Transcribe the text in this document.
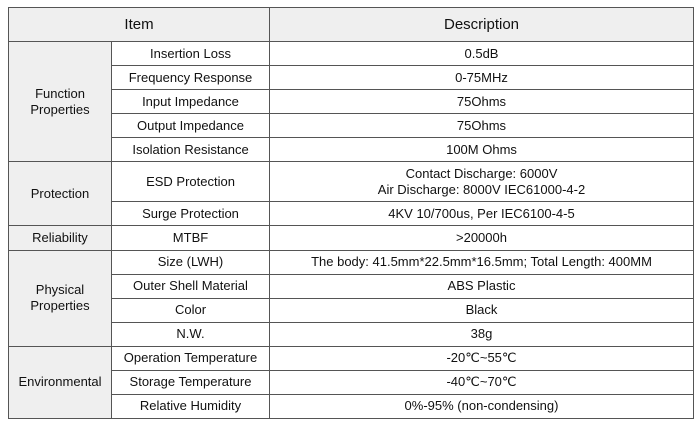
Item		Description

Function
Properties	Insertion Loss	0.5dB

	Frequency Response	0-75MHz

	Input Impedance	75Ohms

	Output Impedance	75Ohms

	Isolation Resistance	100M Ohms

Protection	ESD Protection	Contact Discharge: 6000V
Air Discharge: 8000V IEC61000-4-2

	Surge Protection	4KV 10/700us, Per IEC6100-4-5

Reliability	MTBF	>20000h

Physical
Properties	Size (LWH)	The body: 41.5mm*22.5mm*16.5mm; Total Length: 400MM

	Outer Shell Material	ABS Plastic

	Color	Black

	N.W.	38g

Environmental	Operation Temperature	-20℃~55℃

	Storage Temperature	-40℃~70℃

	Relative Humidity	0%-95% (non-condensing)
